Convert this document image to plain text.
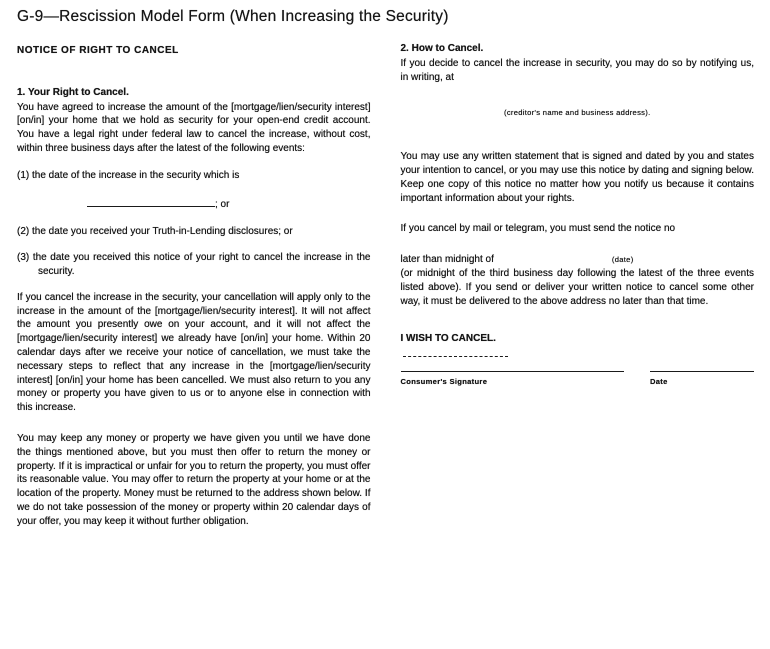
G-9—Rescission Model Form (When Increasing the Security)
NOTICE OF RIGHT TO CANCEL
1. Your Right to Cancel.

You have agreed to increase the amount of the [mortgage/lien/security interest] [on/in] your home that we hold as security for your open-end credit account. You have a legal right under federal law to cancel the increase, without cost, within three business days after the latest of the following events:

(1) the date of the increase in the security which is

; or

(2) the date you received your Truth-in-Lending disclosures; or

(3) the date you received this notice of your right to cancel the increase in the security.

If you cancel the increase in the security, your cancellation will apply only to the increase in the amount of the [mortgage/lien/security interest]. It will not affect the amount you presently owe on your account, and it will not affect the [mortgage/lien/security interest] we already have [on/in] your home. Within 20 calendar days after we receive your notice of cancellation, we must take the necessary steps to reflect that any increase in the [mortgage/lien/security interest] [on/in] your home has been cancelled. We must also return to you any money or property you have given to us or to anyone else in connection with this increase.

You may keep any money or property we have given you until we have done the things mentioned above, but you must then offer to return the money or property. If it is impractical or unfair for you to return the property, you must offer its reasonable value. You may offer to return the property at your home or at the location of the property. Money must be returned to the address shown below. If we do not take possession of the money or property within 20 calendar days of your offer, you may keep it without further obligation.

2. How to Cancel.

If you decide to cancel the increase in security, you may do so by notifying us, in writing, at

(creditor's name and business address).

You may use any written statement that is signed and dated by you and states your intention to cancel, or you may use this notice by dating and signing below. Keep one copy of this notice no matter how you notify us because it contains important information about your rights.

If you cancel by mail or telegram, you must send the notice no

later than midnight of	(date)

(or midnight of the third business day following the latest of the three events listed above). If you send or deliver your written notice to cancel some other way, it must be delivered to the above address no later than that time.

I WISH TO CANCEL.
Consumer's Signature	Date
